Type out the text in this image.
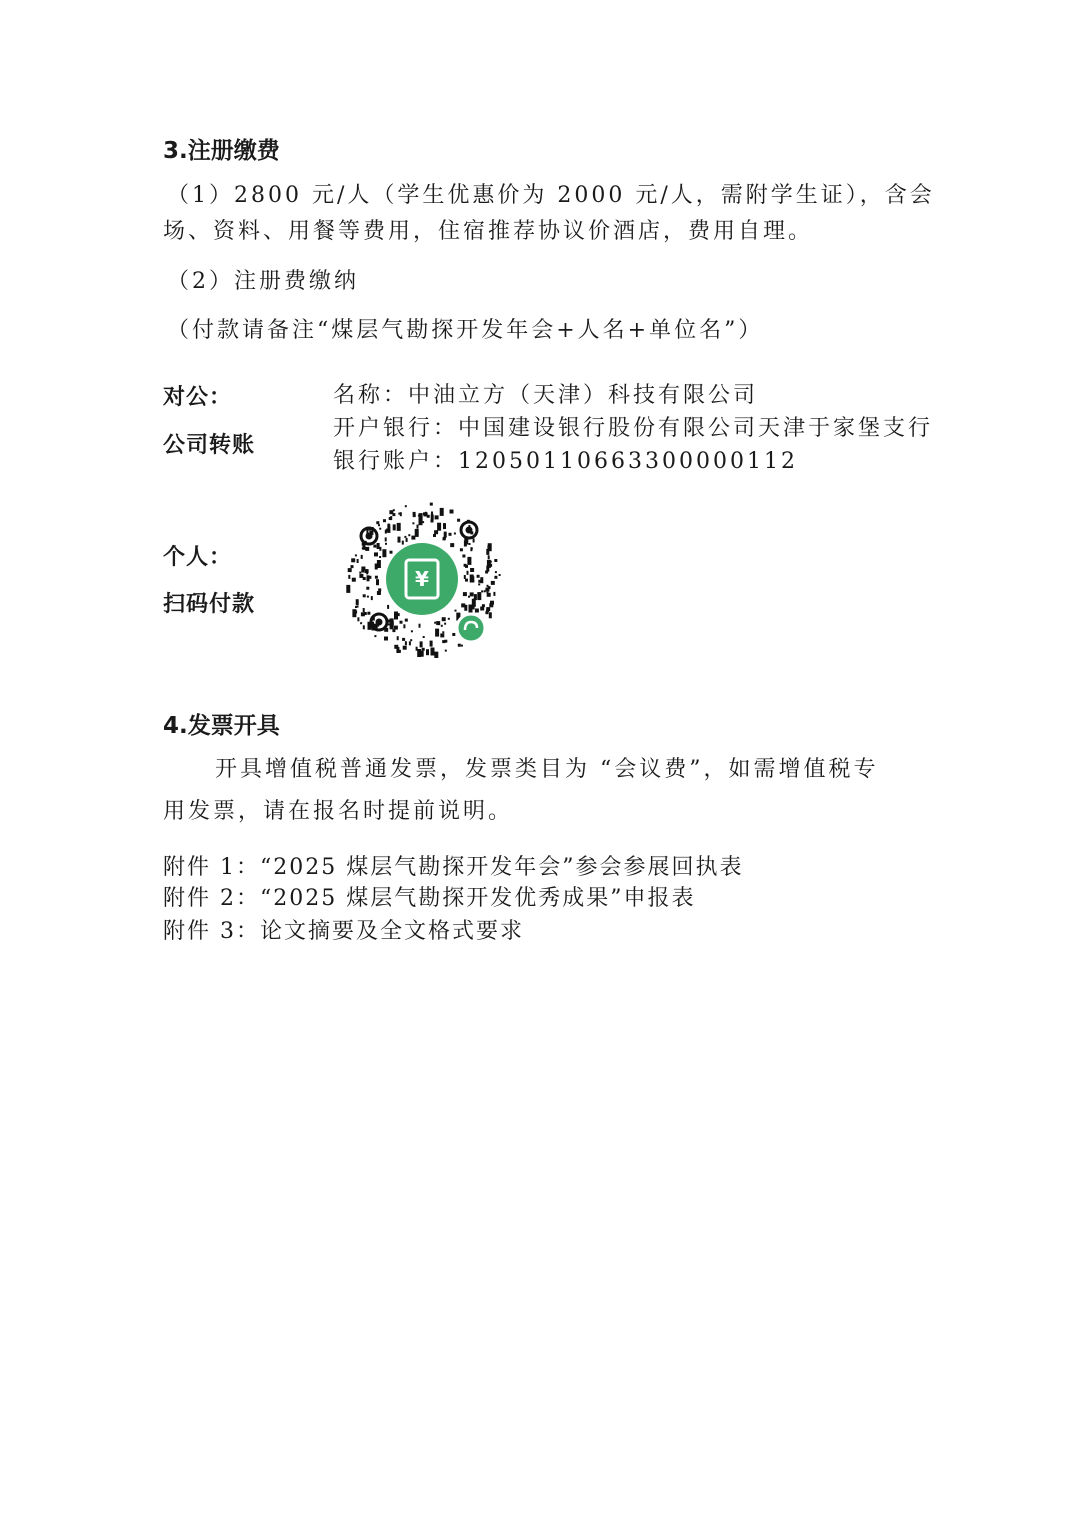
3.注册缴费
（1）2800 元/人（学生优惠价为 2000 元/人，需附学生证），含会
场、资料、用餐等费用，住宿推荐协议价酒店，费用自理。
（2）注册费缴纳
（付款请备注“煤层气勘探开发年会+人名+单位名”）
对公：
公司转账
名称：中油立方（天津）科技有限公司
开户银行：中国建设银行股份有限公司天津于家堡支行
银行账户：12050110663300000112
个人：
扫码付款
¥
4.发票开具
开具增值税普通发票，发票类目为 “会议费”，如需增值税专
用发票，请在报名时提前说明。
附件 1：“2025 煤层气勘探开发年会”参会参展回执表
附件 2：“2025 煤层气勘探开发优秀成果”申报表
附件 3：论文摘要及全文格式要求
